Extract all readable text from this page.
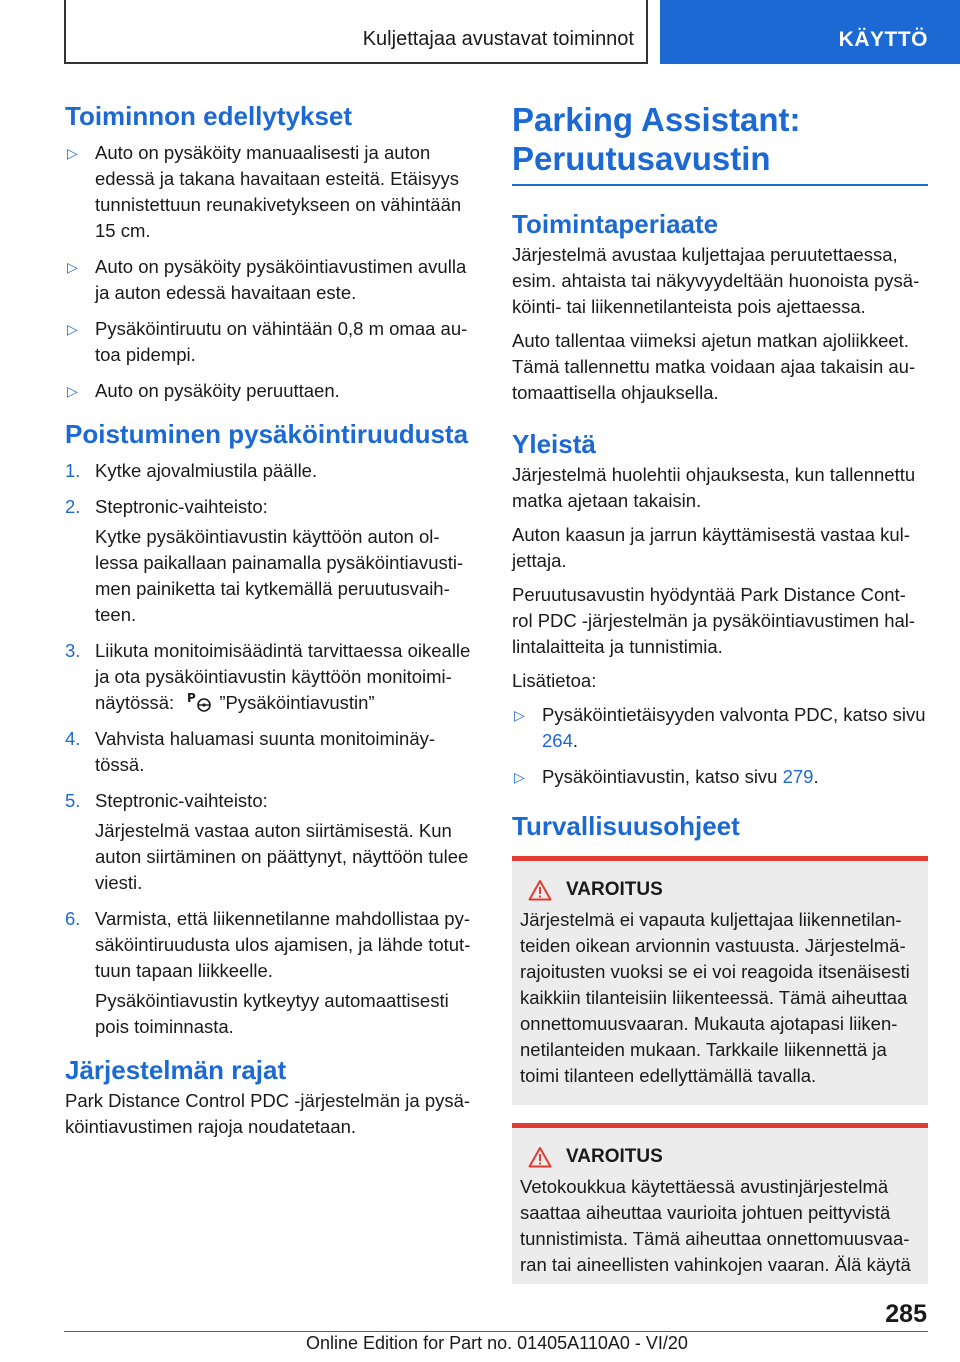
Kuljettajaa avustavat toiminnot	KÄYTTÖ
Toiminnon edellytykset
▷ Auto on pysäköity manuaalisesti ja auton edessä ja takana havaitaan esteitä. Etäisyys tunnistettuun reunakivetykseen on vähintään 15 cm.
▷ Auto on pysäköity pysäköintiavustimen avulla ja auton edessä havaitaan este.
▷ Pysäköintiruutu on vähintään 0,8 m omaa au‐ toa pidempi.
▷ Auto on pysäköity peruuttaen.
Poistuminen pysäköintiruudusta
1. Kytke ajovalmiustila päälle.
2. Steptronic-vaihteisto:
Kytke pysäköintiavustin käyttöön auton ol‐ lessa paikallaan painamalla pysäköintiavusti‐ men painiketta tai kytkemällä peruutusvaih‐ teen.
3. Liikuta monitoimisäädintä tarvittaessa oikealle ja ota pysäköintiavustin käyttöön monitoimi‐ näytössä: P ”Pysäköintiavustin”
4. Vahvista haluamasi suunta monitoiminäy‐ tössä.
5. Steptronic-vaihteisto:
Järjestelmä vastaa auton siirtämisestä. Kun auton siirtäminen on päättynyt, näyttöön tulee viesti.
6. Varmista, että liikennetilanne mahdollistaa py‐ säköintiruudusta ulos ajamisen, ja lähde totut‐ tuun tapaan liikkeelle.
Pysäköintiavustin kytkeytyy automaattisesti pois toiminnasta.
Järjestelmän rajat

Park Distance Control PDC -järjestelmän ja pysä‐ köintiavustimen rajoja noudatetaan.

Parking Assistant: Peruutusavustin
Toimintaperiaate

Järjestelmä avustaa kuljettajaa peruutettaessa, esim. ahtaista tai näkyvyydeltään huonoista pysä‐ köinti- tai liikennetilanteista pois ajettaessa.

Auto tallentaa viimeksi ajetun matkan ajoliikkeet. Tämä tallennettu matka voidaan ajaa takaisin au‐ tomaattisella ohjauksella.

Yleistä

Järjestelmä huolehtii ohjauksesta, kun tallennettu matka ajetaan takaisin.

Auton kaasun ja jarrun käyttämisestä vastaa kul‐ jettaja.

Peruutusavustin hyödyntää Park Distance Cont‐ rol PDC -järjestelmän ja pysäköintiavustimen hal‐ lintalaitteita ja tunnistimia.

Lisätietoa:

▷ Pysäköintietäisyyden valvonta PDC, katso sivu 264.
▷ Pysäköintiavustin, katso sivu 279.
Turvallisuusohjeet
VAROITUS

Järjestelmä ei vapauta kuljettajaa liikennetilan‐ teiden oikean arvionnin vastuusta. Järjestelmä‐ rajoitusten vuoksi se ei voi reagoida itsenäisesti kaikkiin tilanteisiin liikenteessä. Tämä aiheuttaa onnettomuusvaaran. Mukauta ajotapasi liiken‐ netilanteiden mukaan. Tarkkaile liikennettä ja toimi tilanteen edellyttämällä tavalla.

VAROITUS

Vetokoukkua käytettäessä avustinjärjestelmä saattaa aiheuttaa vaurioita johtuen peittyvistä tunnistimista. Tämä aiheuttaa onnettomuusvaa‐ ran tai aineellisten vahinkojen vaaran. Älä käytä

285
Online Edition for Part no. 01405A110A0 - VI/20
